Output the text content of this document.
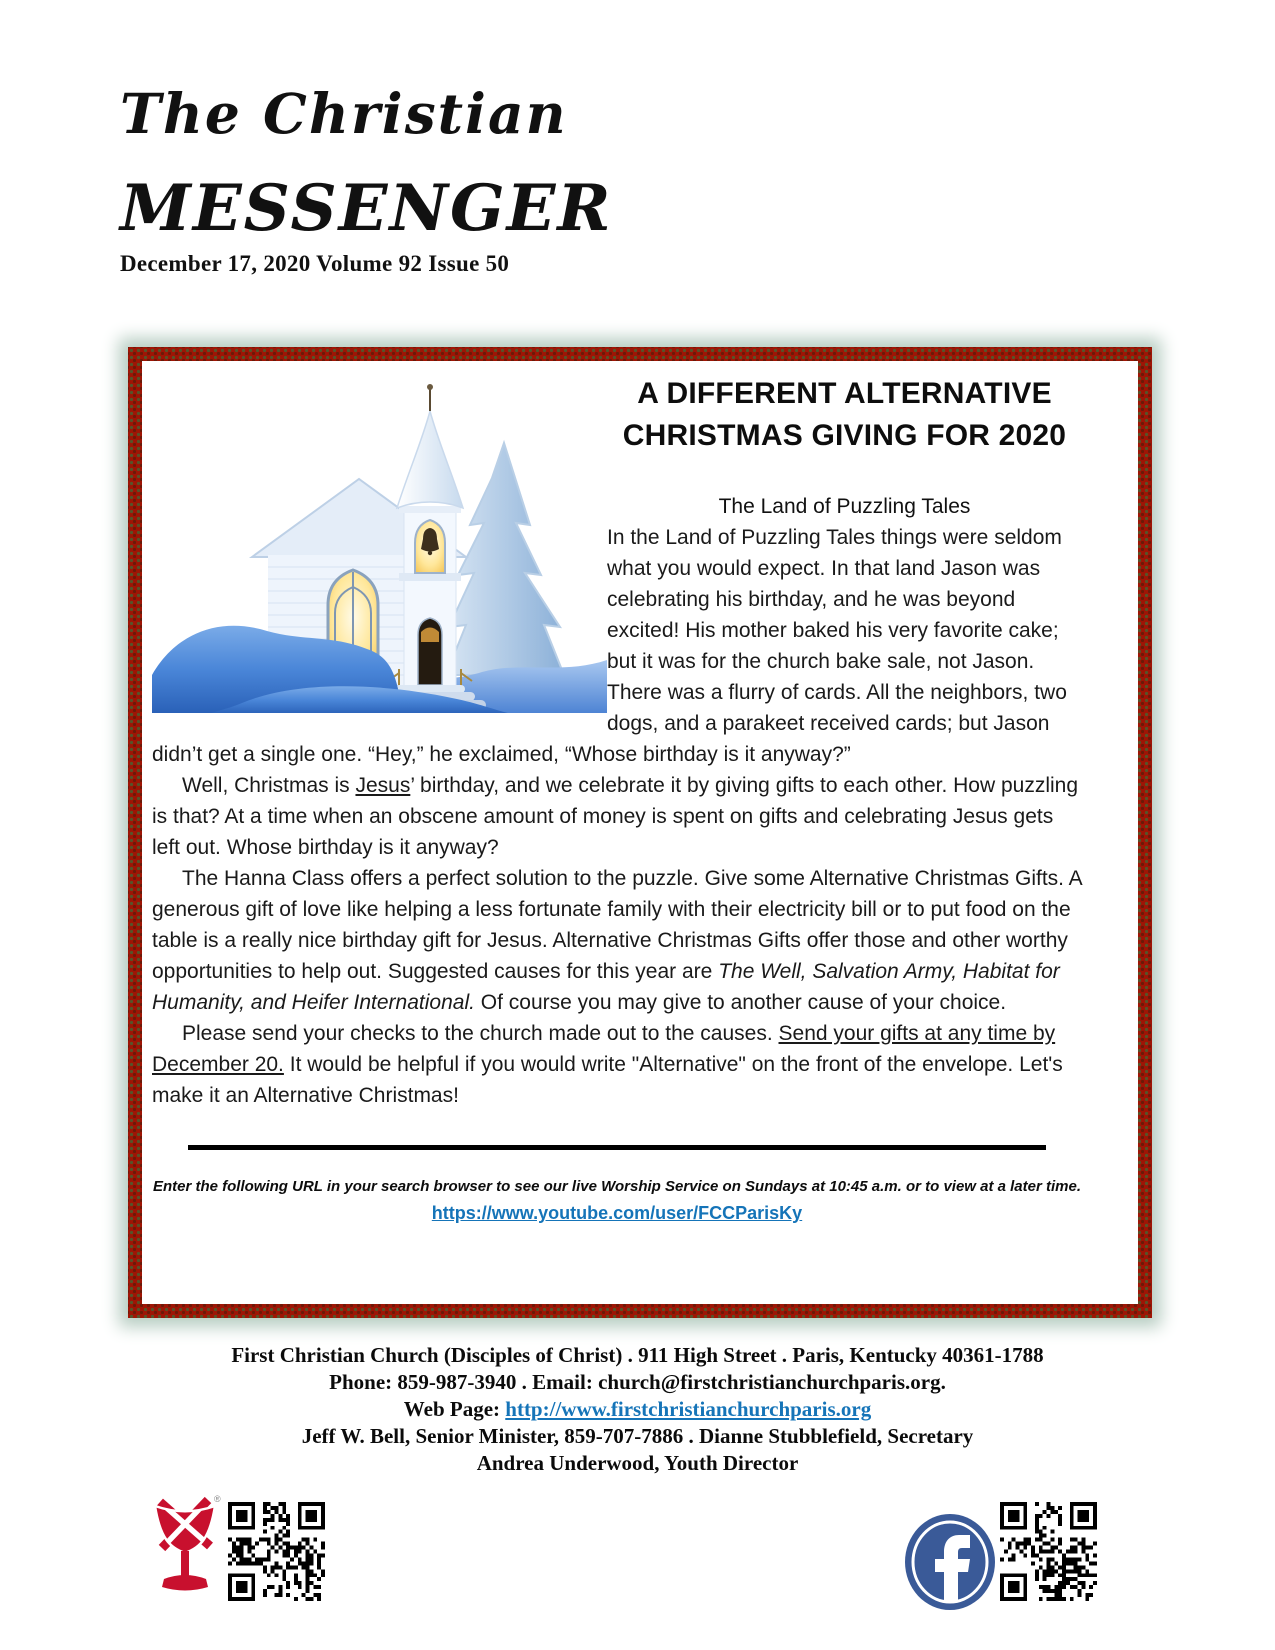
The Christian
MESSENGER
December 17, 2020 Volume 92 Issue 50
A DIFFERENT ALTERNATIVE
CHRISTMAS GIVING FOR 2020
The Land of Puzzling Tales

In the Land of Puzzling Tales things were seldom what you would expect. In that land Jason was celebrating his birthday, and he was beyond excited! His mother baked his very favorite cake; but it was for the church bake sale, not Jason. There was a flurry of cards. All the neighbors, two dogs, and a parakeet received cards; but Jason didn’t get a single one. “Hey,” he exclaimed, “Whose birthday is it anyway?”

Well, Christmas is Jesus’ birthday, and we celebrate it by giving gifts to each other. How puzzling is that? At a time when an obscene amount of money is spent on gifts and celebrating Jesus gets left out. Whose birthday is it anyway?

The Hanna Class offers a perfect solution to the puzzle. Give some Alternative Christmas Gifts. A generous gift of love like helping a less fortunate family with their electricity bill or to put food on the table is a really nice birthday gift for Jesus. Alternative Christmas Gifts offer those and other worthy opportunities to help out. Suggested causes for this year are The Well, Salvation Army, Habitat for Humanity, and Heifer International. Of course you may give to another cause of your choice.

Please send your checks to the church made out to the causes. Send your gifts at any time by December 20. It would be helpful if you would write "Alternative" on the front of the envelope. Let's make it an Alternative Christmas!

Enter the following URL in your search browser to see our live Worship Service on Sundays at 10:45 a.m. or to view at a later time.
https://www.youtube.com/user/FCCParisKy
First Christian Church (Disciples of Christ) . 911 High Street . Paris, Kentucky 40361-1788
Phone: 859-987-3940 . Email: church@firstchristianchurchparis.org.
Web Page: http://www.firstchristianchurchparis.org
Jeff W. Bell, Senior Minister, 859-707-7886 . Dianne Stubblefield, Secretary
Andrea Underwood, Youth Director
®
